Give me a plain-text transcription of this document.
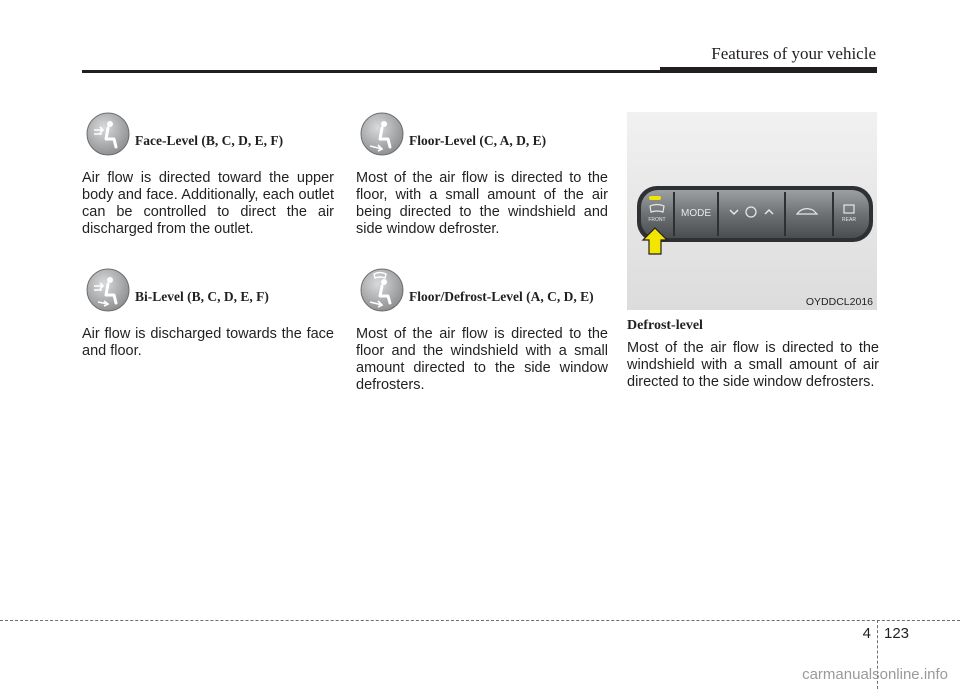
Features of your vehicle
Face-Level (B, C, D, E, F)

Air flow is directed toward the upper body and face. Additionally, each outlet can be controlled to direct the air discharged from the outlet.

Bi-Level (B, C, D, E, F)

Air flow is discharged towards the face and floor.

Floor-Level (C, A, D, E)

Most of the air flow is directed to the floor, with a small amount of the air being directed to the windshield and side window defroster.

Floor/Defrost-Level (A, C, D, E)

Most of the air flow is directed to the floor and the windshield with a small amount directed to the side window defrosters.

FRONT
MODE
REAR
OYDDCL2016
Defrost-level

Most of the air flow is directed to the windshield with a small amount of air directed to the side window defrosters.

4 123
carmanualsonline.info
